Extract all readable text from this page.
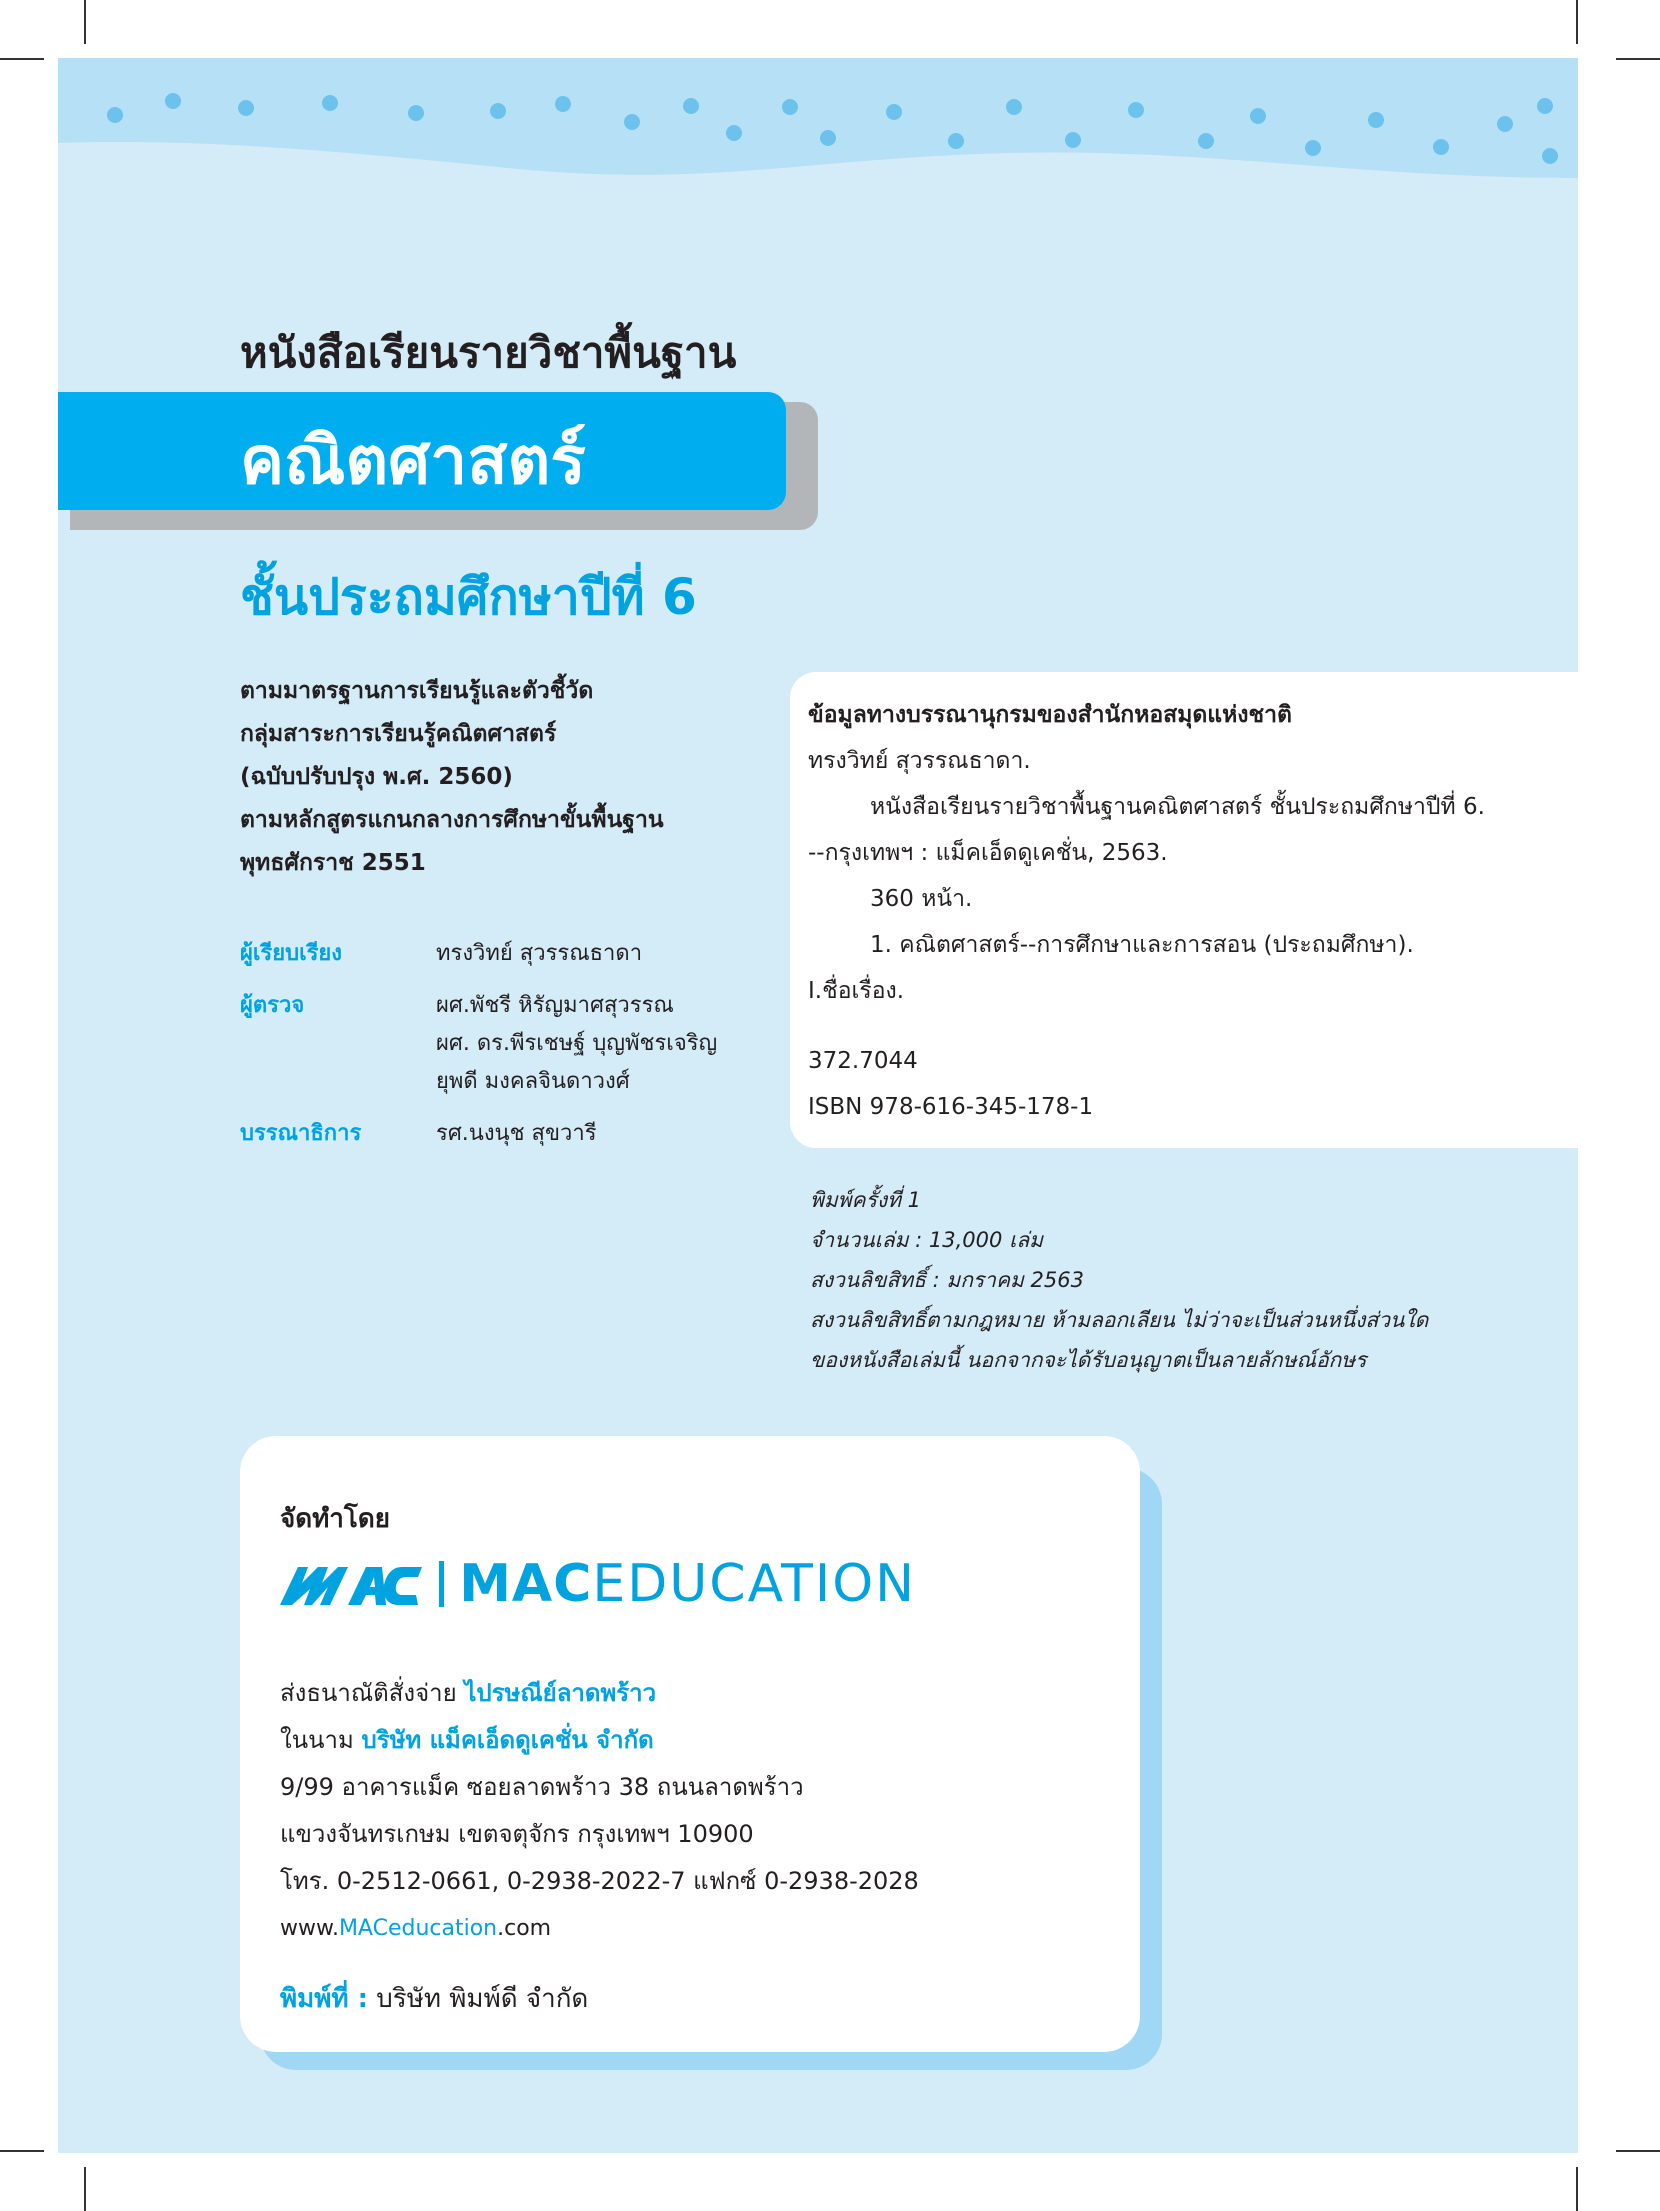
หนังสือเรียนรายวิชาพื้นฐาน
คณิตศาสตร์
ชั้นประถมศึกษาปีที่ 6
ตามมาตรฐานการเรียนรู้และตัวชี้วัด
กลุ่มสาระการเรียนรู้คณิตศาสตร์
(ฉบับปรับปรุง พ.ศ. 2560)
ตามหลักสูตรแกนกลางการศึกษาขั้นพื้นฐาน
พุทธศักราช 2551
ผู้เรียบเรียง	ทรงวิทย์ สุวรรณธาดา
ผู้ตรวจ	ผศ.พัชรี หิรัญมาศสุวรรณ
ผศ. ดร.พีรเชษฐ์ บุญพัชรเจริญ
ยุพดี มงคลจินดาวงศ์
บรรณาธิการ	รศ.นงนุช สุขวารี
ข้อมูลทางบรรณานุกรมของสำนักหอสมุดแห่งชาติ
ทรงวิทย์ สุวรรณธาดา.
หนังสือเรียนรายวิชาพื้นฐานคณิตศาสตร์ ชั้นประถมศึกษาปีที่ 6.
--กรุงเทพฯ : แม็คเอ็ดดูเคชั่น, 2563.
360 หน้า.
1. คณิตศาสตร์--การศึกษาและการสอน (ประถมศึกษา).
I.ชื่อเรื่อง.
372.7044
ISBN 978-616-345-178-1
พิมพ์ครั้งที่ 1
จำนวนเล่ม : 13,000 เล่ม
สงวนลิขสิทธิ์ : มกราคม 2563
สงวนลิขสิทธิ์ตามกฎหมาย ห้ามลอกเลียน ไม่ว่าจะเป็นส่วนหนึ่งส่วนใด
ของหนังสือเล่มนี้ นอกจากจะได้รับอนุญาตเป็นลายลักษณ์อักษร
จัดทำโดย
MACEDUCATION
ส่งธนาณัติสั่งจ่าย ไปรษณีย์ลาดพร้าว
ในนาม บริษัท แม็คเอ็ดดูเคชั่น จำกัด
9/99 อาคารแม็ค ซอยลาดพร้าว 38 ถนนลาดพร้าว
แขวงจันทรเกษม เขตจตุจักร กรุงเทพฯ 10900
โทร. 0-2512-0661, 0-2938-2022-7 แฟกซ์ 0-2938-2028
www.MACeducation.com
พิมพ์ที่ : บริษัท พิมพ์ดี จำกัด
